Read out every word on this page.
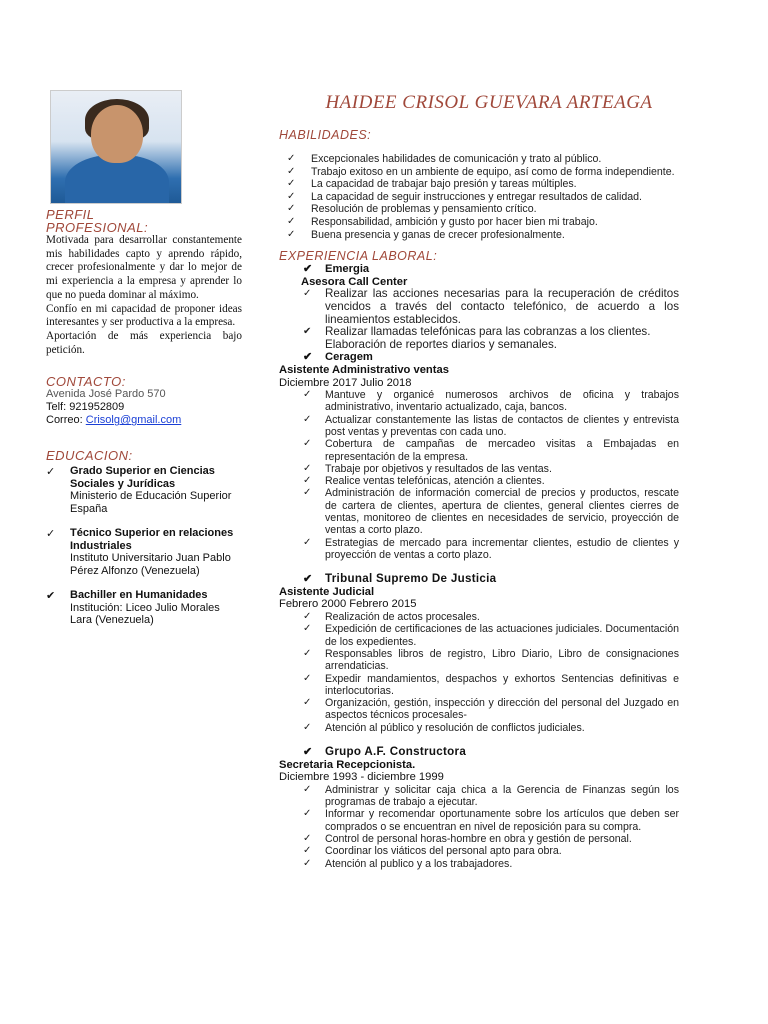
PERFIL
PROFESIONAL:

Motivada para desarrollar constantemente mis habilidades capto y aprendo rápido, crecer profesionalmente y dar lo mejor de mi experiencia a la empresa y aprender lo que no pueda dominar al máximo.

Confío en mi capacidad de proponer ideas interesantes y ser productiva a la empresa.

Aportación de más experiencia bajo petición.

CONTACTO:
Avenida José Pardo 570
Telf: 921952809
Correo: Crisolg@gmail.com
EDUCACION:
✓ Grado Superior en Ciencias Sociales y Jurídicas
Ministerio de Educación Superior España
✓ Técnico Superior en relaciones Industriales
Instituto Universitario Juan Pablo Pérez Alfonzo (Venezuela)
✔ Bachiller en Humanidades
Institución: Liceo Julio Morales Lara (Venezuela)
HAIDEE CRISOL GUEVARA ARTEAGA
HABILIDADES:
✓ Excepcionales habilidades de comunicación y trato al público.
✓ Trabajo exitoso en un ambiente de equipo, así como de forma independiente.
✓ La capacidad de trabajar bajo presión y tareas múltiples.
✓ La capacidad de seguir instrucciones y entregar resultados de calidad.
✓ Resolución de problemas y pensamiento crítico.
✓ Responsabilidad, ambición y gusto por hacer bien mi trabajo.
✓ Buena presencia y ganas de crecer profesionalmente.
EXPERIENCIA LABORAL:
✔ Emergia
Asesora Call Center
✓ Realizar las acciones necesarias para la recuperación de créditos vencidos a través del contacto telefónico, de acuerdo a los lineamientos establecidos.
✔ Realizar llamadas telefónicas para las cobranzas a los clientes.
Elaboración de reportes diarios y semanales.
✔ Ceragem
Asistente Administrativo ventas
Diciembre 2017 Julio 2018
✓ Mantuve y organicé numerosos archivos de oficina y trabajos administrativo, inventario actualizado, caja, bancos.
✓ Actualizar constantemente las listas de contactos de clientes y entrevista post ventas y preventas con cada uno.
✓ Cobertura de campañas de mercadeo visitas a Embajadas en representación de la empresa.
✓ Trabaje por objetivos y resultados de las ventas.
✓ Realice ventas telefónicas, atención a clientes.
✓ Administración de información comercial de precios y productos, rescate de cartera de clientes, apertura de clientes, general clientes cierres de ventas, monitoreo de clientes en necesidades de servicio, proyección de ventas a corto plazo.
✓ Estrategias de mercado para incrementar clientes, estudio de clientes y proyección de ventas a corto plazo.
✔ Tribunal Supremo De Justicia
Asistente Judicial
Febrero 2000 Febrero 2015
✓ Realización de actos procesales.
✓ Expedición de certificaciones de las actuaciones judiciales. Documentación de los expedientes.
✓ Responsables libros de registro, Libro Diario, Libro de consignaciones arrendaticias.
✓ Expedir mandamientos, despachos y exhortos Sentencias definitivas e interlocutorias.
✓ Organización, gestión, inspección y dirección del personal del Juzgado en aspectos técnicos procesales-
✓ Atención al público y resolución de conflictos judiciales.
✔ Grupo A.F. Constructora
Secretaria Recepcionista.
Diciembre 1993 - diciembre 1999
✓ Administrar y solicitar caja chica a la Gerencia de Finanzas según los programas de trabajo a ejecutar.
✓ Informar y recomendar oportunamente sobre los artículos que deben ser comprados o se encuentran en nivel de reposición para su compra.
✓ Control de personal horas-hombre en obra y gestión de personal.
✓ Coordinar los viáticos del personal apto para obra.
✓ Atención al publico y a los trabajadores.
